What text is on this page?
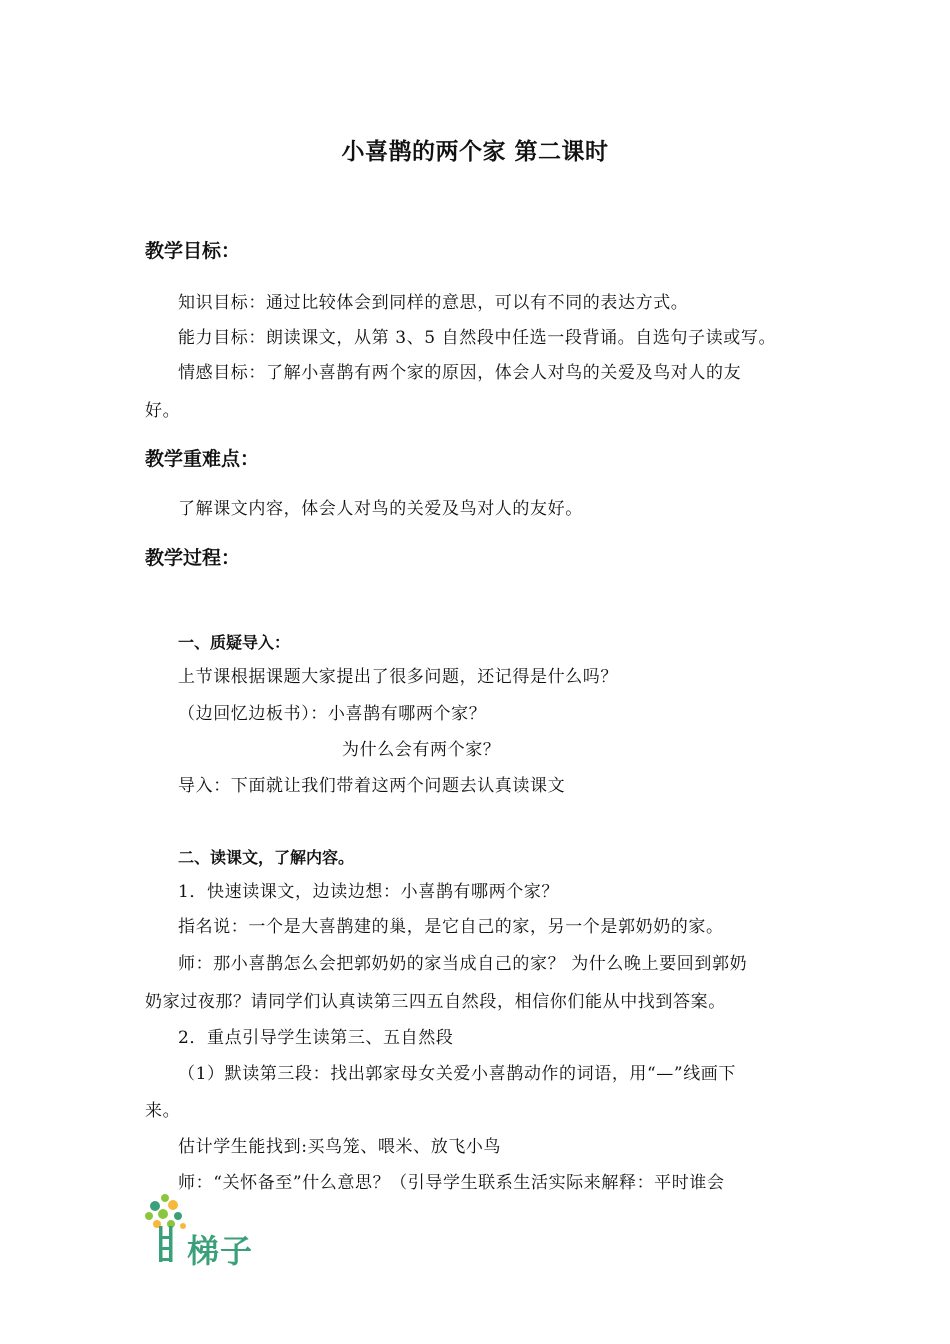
小喜鹊的两个家 第二课时
教学目标：
知识目标：通过比较体会到同样的意思，可以有不同的表达方式。
能力目标：朗读课文，从第 3、5 自然段中任选一段背诵。自选句子读或写。
情感目标：了解小喜鹊有两个家的原因，体会人对鸟的关爱及鸟对人的友
好。
教学重难点：
了解课文内容，体会人对鸟的关爱及鸟对人的友好。
教学过程：
一、质疑导入：
上节课根据课题大家提出了很多问题，还记得是什么吗？
（边回忆边板书）：小喜鹊有哪两个家？
为什么会有两个家？
导入：下面就让我们带着这两个问题去认真读课文
二、读课文，了解内容。
1．快速读课文，边读边想：小喜鹊有哪两个家？
指名说：一个是大喜鹊建的巢，是它自己的家，另一个是郭奶奶的家。
师：那小喜鹊怎么会把郭奶奶的家当成自己的家？ 为什么晚上要回到郭奶
奶家过夜那？请同学们认真读第三四五自然段，相信你们能从中找到答案。
2．重点引导学生读第三、五自然段
（1）默读第三段：找出郭家母女关爱小喜鹊动作的词语，用“—”线画下
来。
估计学生能找到:买鸟笼、喂米、放飞小鸟
师：“关怀备至”什么意思？（引导学生联系生活实际来解释：平时谁会
梯子
